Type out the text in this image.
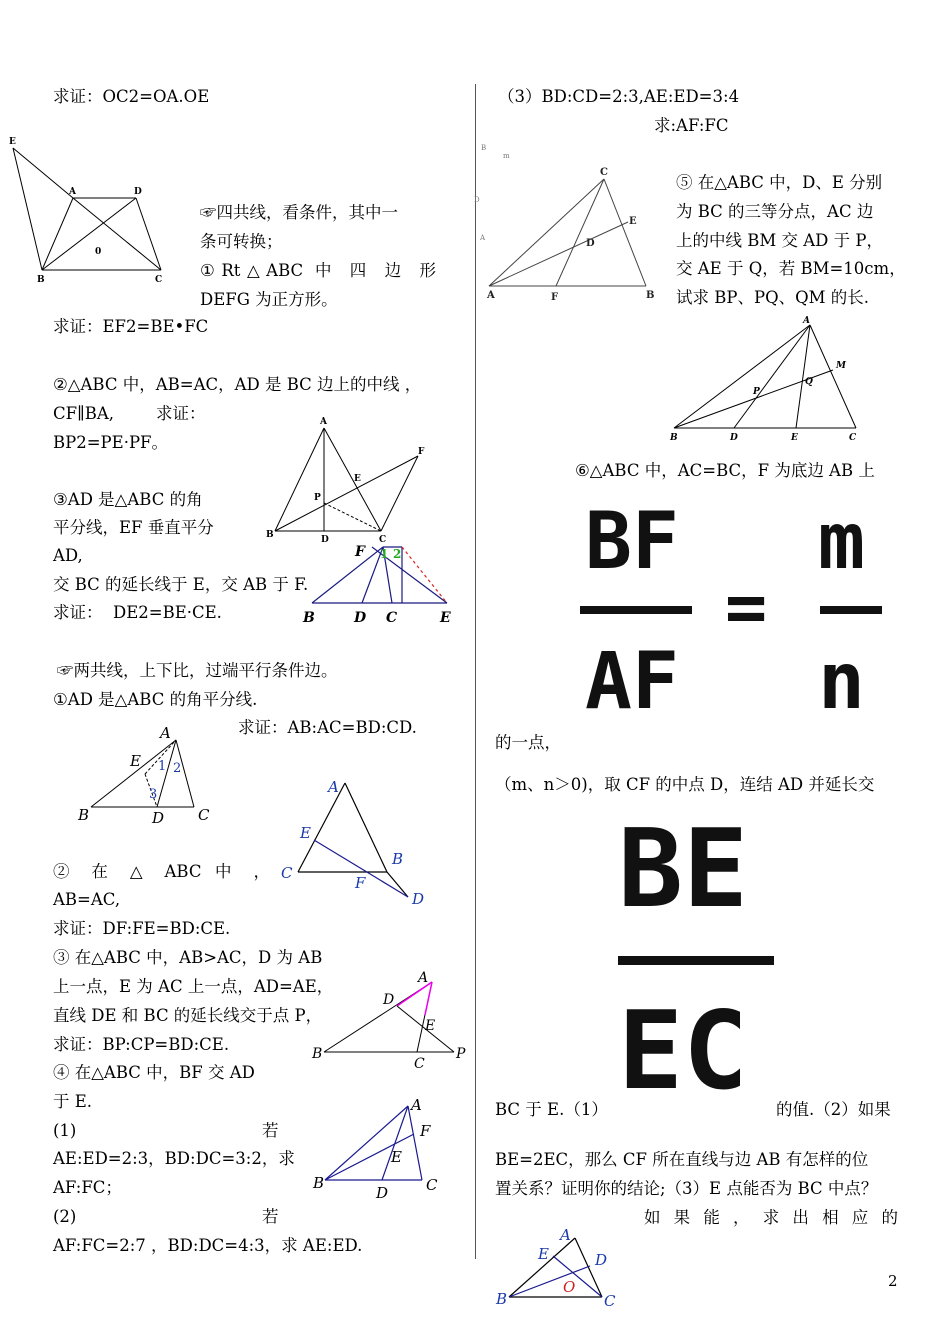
求证：OC2=OA.OE
☞四共线，看条件，其中一
条可转换；
①Rt△ABC 中 四 边 形
DEFG 为正方形。
求证：EF2=BE•FC
②△ABC 中，AB=AC，AD 是 BC 边上的中线 ，
CF∥BA,        求证：
BP2=PE·PF。
③AD 是△ABC 的角
平分线，EF 垂直平分
AD,
交 BC 的延长线于 E，交 AB 于 F.
求证：  DE2=BE·CE.
☞两共线，上下比，过端平行条件边。
①AD 是△ABC 的角平分线.
求证：AB:AC=BD:CD.
② 在 △ ABC 中 ，
AB=AC,
求证：DF:FE=BD:CE.
③ 在△ABC 中，AB>AC，D 为 AB
上一点，E 为 AC 上一点，AD=AE，
直线 DE 和 BC 的延长线交于点 P，
求证：BP:CP=BD:CE.
④ 在△ABC 中，BF 交 AD
于 E.
(1)	若
AE:ED=2:3，BD:DC=3:2，求
AF:FC；
(2)	若
AF:FC=2:7 ，BD:DC=4:3，求 AE:ED.
（3）BD:CD=2:3,AE:ED=3:4
求:AF:FC
⑤ 在△ABC 中，D、E 分别
为 BC 的三等分点，AC 边
上的中线 BM 交 AD 于 P，
交 AE 于 Q，若 BM=10cm，
试求 BP、PQ、QM 的长.
⑥△ABC 中，AC=BC，F 为底边 AB 上
BF
AF
=
m
n
的一点，
（m、n＞0)，取 CF 的中点 D，连结 AD 并延长交
BE
EC
BC 于 E.（1）	的值.（2）如果
BE=2EC，那么 CF 所在直线与边 AB 有怎样的位
置关系？证明你的结论;（3）E 点能否为 BC 中点？
如 果 能 ， 求 出 相 应 的
2
E
A	D
0
B	C
A
F
E
P
B	D	C
F
B	D C	E
1 2
A
E
B	D C
1 2
3	A
E
B
C
F
D
A
D
E
B
C
P
A
F
E
B
D	C
C
E
D
A	F	B
B
m
D
A
A
M
P
Q
B	D	E	C
A
E	D
O
B	C
